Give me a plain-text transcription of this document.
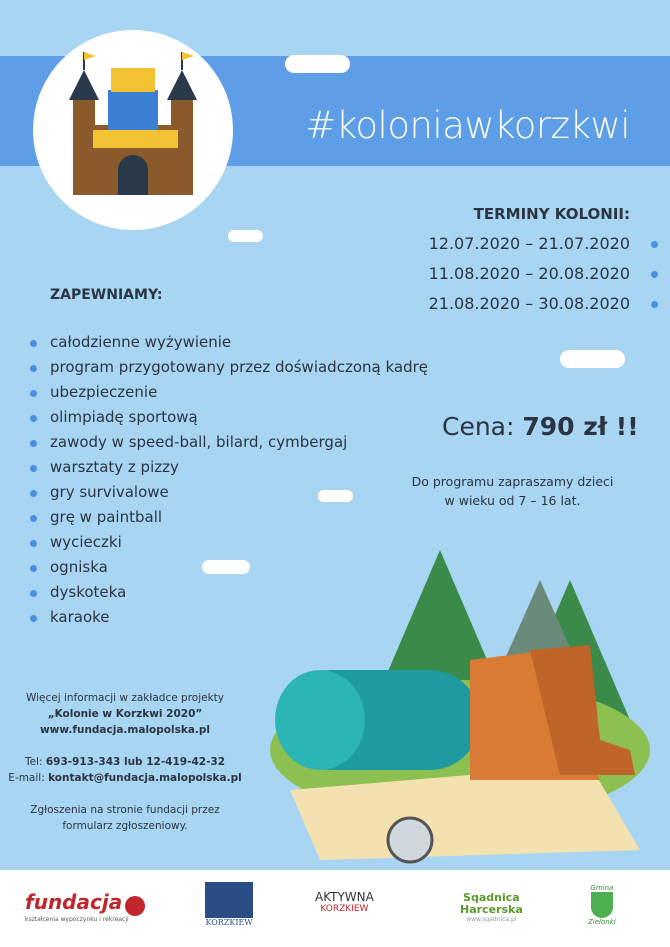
#koloniawkorzkwi
TERMINY KOLONII:
12.07.2020 – 21.07.2020
11.08.2020 – 20.08.2020
21.08.2020 – 30.08.2020
ZAPEWNIAMY:
całodzienne wyżywienie
program przygotowany przez doświadczoną kadrę
ubezpieczenie
olimpiadę sportową
zawody w speed-ball, bilard, cymbergaj
warsztaty z pizzy
gry survivalowe
grę w paintball
wycieczki
ogniska
dyskoteka
karaoke
Cena: 790 zł !!
Do programu zapraszamy dzieci
w wieku od 7 – 16 lat.
Więcej informacji w zakładce projekty
„Kolonie w Korzkwi 2020”
www.fundacja.malopolska.pl
Tel: 693-913-343 lub 12-419-42-32
E-mail: kontakt@fundacja.malopolska.pl
Zgłoszenia na stronie fundacji przez
formularz zgłoszeniowy.
fundacja
kształcenia wypoczynku i rekreacji	KORZKIEW
AKTYWNA
KORZKIEW
Sqadnica
Harcerska
www.sqadnica.pl
Gmina
Zielonki
